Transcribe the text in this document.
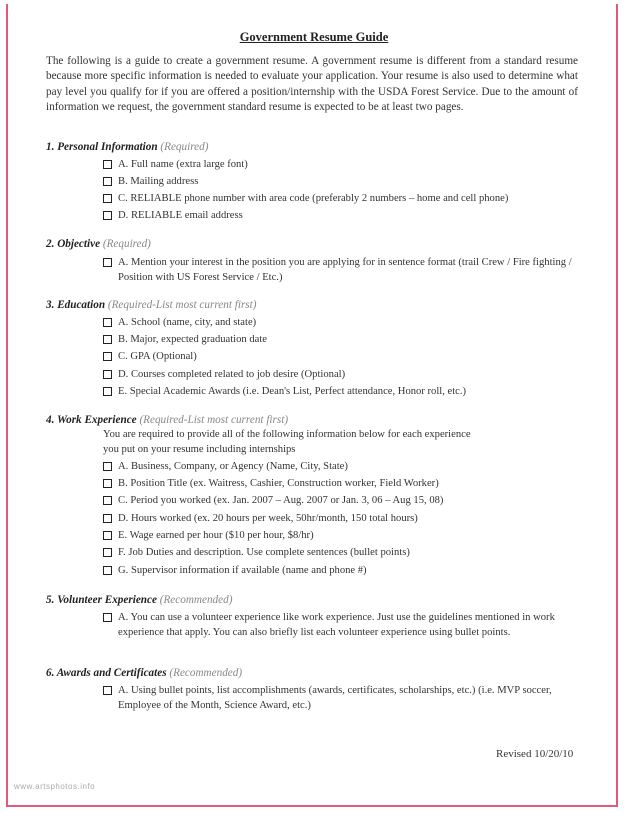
Government Resume Guide
The following is a guide to create a government resume. A government resume is different from a standard resume because more specific information is needed to evaluate your application. Your resume is also used to determine what pay level you qualify for if you are offered a position/internship with the USDA Forest Service. Due to the amount of information we request, the government standard resume is expected to be at least two pages.
1. Personal Information (Required)
A. Full name (extra large font)
B. Mailing address
C. RELIABLE phone number with area code (preferably 2 numbers – home and cell phone)
D. RELIABLE email address
2. Objective (Required)
A. Mention your interest in the position you are applying for in sentence format (trail Crew / Fire fighting / Position with US Forest Service / Etc.)
3. Education (Required-List most current first)
A. School (name, city, and state)
B. Major, expected graduation date
C. GPA (Optional)
D. Courses completed related to job desire (Optional)
E. Special Academic Awards (i.e. Dean's List, Perfect attendance, Honor roll, etc.)
4. Work Experience (Required-List most current first)
You are required to provide all of the following information below for each experience you put on your resume including internships
A. Business, Company, or Agency (Name, City, State)
B. Position Title (ex. Waitress, Cashier, Construction worker, Field Worker)
C. Period you worked (ex. Jan. 2007 – Aug. 2007 or Jan. 3, 06 – Aug 15, 08)
D. Hours worked (ex. 20 hours per week, 50hr/month, 150 total hours)
E. Wage earned per hour ($10 per hour, $8/hr)
F. Job Duties and description. Use complete sentences (bullet points)
G. Supervisor information if available (name and phone #)
5. Volunteer Experience (Recommended)
A. You can use a volunteer experience like work experience. Just use the guidelines mentioned in work experience that apply. You can also briefly list each volunteer experience using bullet points.
6. Awards and Certificates (Recommended)
A. Using bullet points, list accomplishments (awards, certificates, scholarships, etc.) (i.e. MVP soccer, Employee of the Month, Science Award, etc.)
Revised 10/20/10
www.artsphotos.info
